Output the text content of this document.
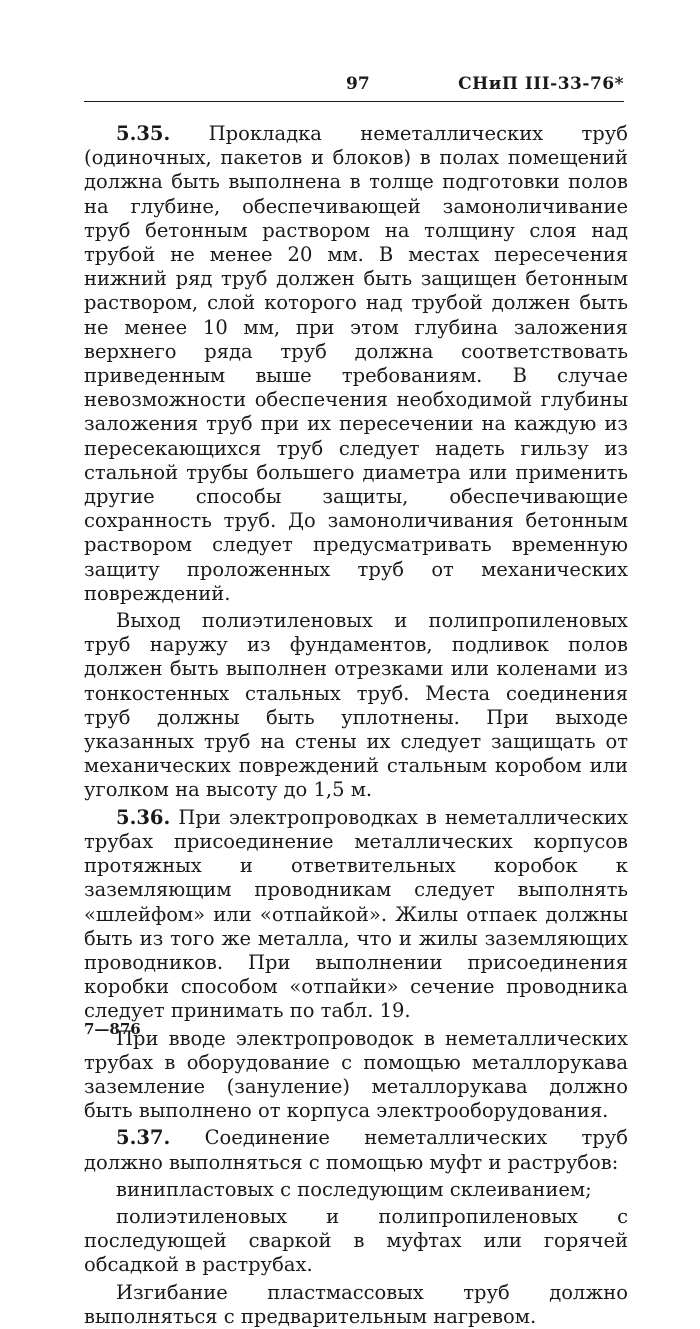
97	СНиП III-33-76*

5.35. Прокладка неметаллических труб (одиночных, пакетов и блоков) в полах помещений должна быть выполнена в толще подготовки полов на глубине, обеспечивающей замоноличивание труб бетонным раствором на толщину слоя над трубой не менее 20 мм. В местах пересечения нижний ряд труб должен быть защищен бетонным раствором, слой которого над трубой должен быть не менее 10 мм, при этом глубина заложения верхнего ряда труб должна соответствовать приведенным выше требованиям. В случае невозможности обеспечения необходимой глубины заложения труб при их пересечении на каждую из пересекающихся труб следует надеть гильзу из стальной трубы большего диаметра или применить другие способы защиты, обеспечивающие сохранность труб. До замоноличивания бетонным раствором следует предусматривать временную защиту проложенных труб от механических повреждений.

Выход полиэтиленовых и полипропиленовых труб наружу из фундаментов, подливок полов должен быть выполнен отрезками или коленами из тонкостенных стальных труб. Места соединения труб должны быть уплотнены. При выходе указанных труб на стены их следует защищать от механических повреждений стальным коробом или уголком на высоту до 1,5 м.

5.36. При электропроводках в неметаллических трубах присоединение металлических корпусов протяжных и ответвительных коробок к заземляющим проводникам следует выполнять «шлейфом» или «отпайкой». Жилы отпаек должны быть из того же металла, что и жилы заземляющих проводников. При выполнении присоединения коробки способом «отпайки» сечение проводника следует принимать по табл. 19.

При вводе электропроводок в неметаллических трубах в оборудование с помощью металлорукава заземление (зануление) металлорукава должно быть выполнено от корпуса электрооборудования.

5.37. Соединение неметаллических труб должно выполняться с помощью муфт и раструбов:

винипластовых с последующим склеиванием;

полиэтиленовых и полипропиленовых с последующей сваркой в муфтах или горячей обсадкой в раструбах.

Изгибание пластмассовых труб должно выполняться с предварительным нагревом.

7—876
